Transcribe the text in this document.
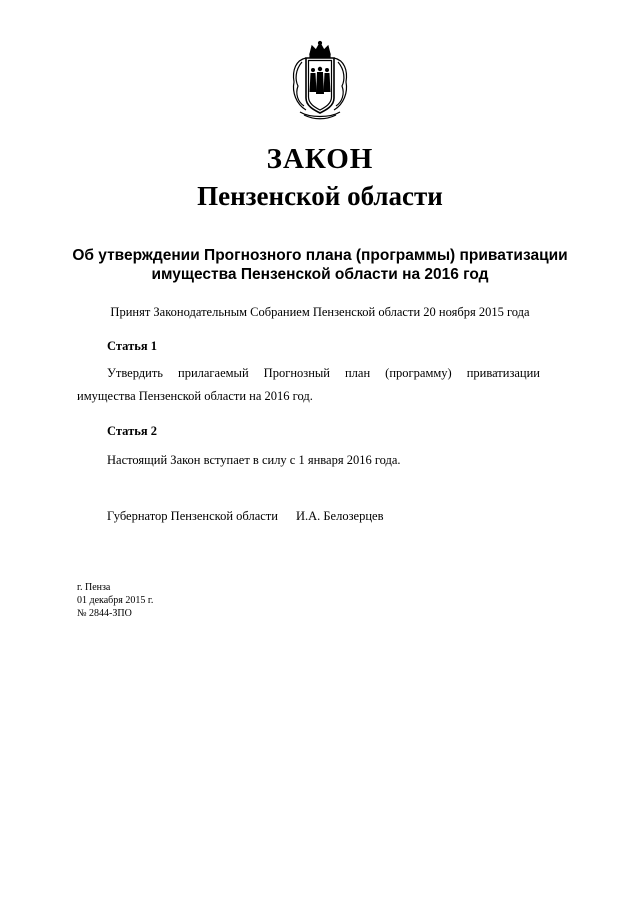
ЗАКОН
Пензенской области
Об утверждении Прогнозного плана (программы) приватизации
имущества Пензенской области на 2016 год
Принят Законодательным Собранием Пензенской области 20 ноября 2015 года
Статья 1
Утвердить прилагаемый Прогнозный план (программу) приватизации имущества Пензенской области на 2016 год.
Статья 2
Настоящий Закон вступает в силу с 1 января 2016 года.
Губернатор Пензенской области И.А. Белозерцев
г. Пенза
01 декабря 2015 г.
№ 2844-ЗПО
